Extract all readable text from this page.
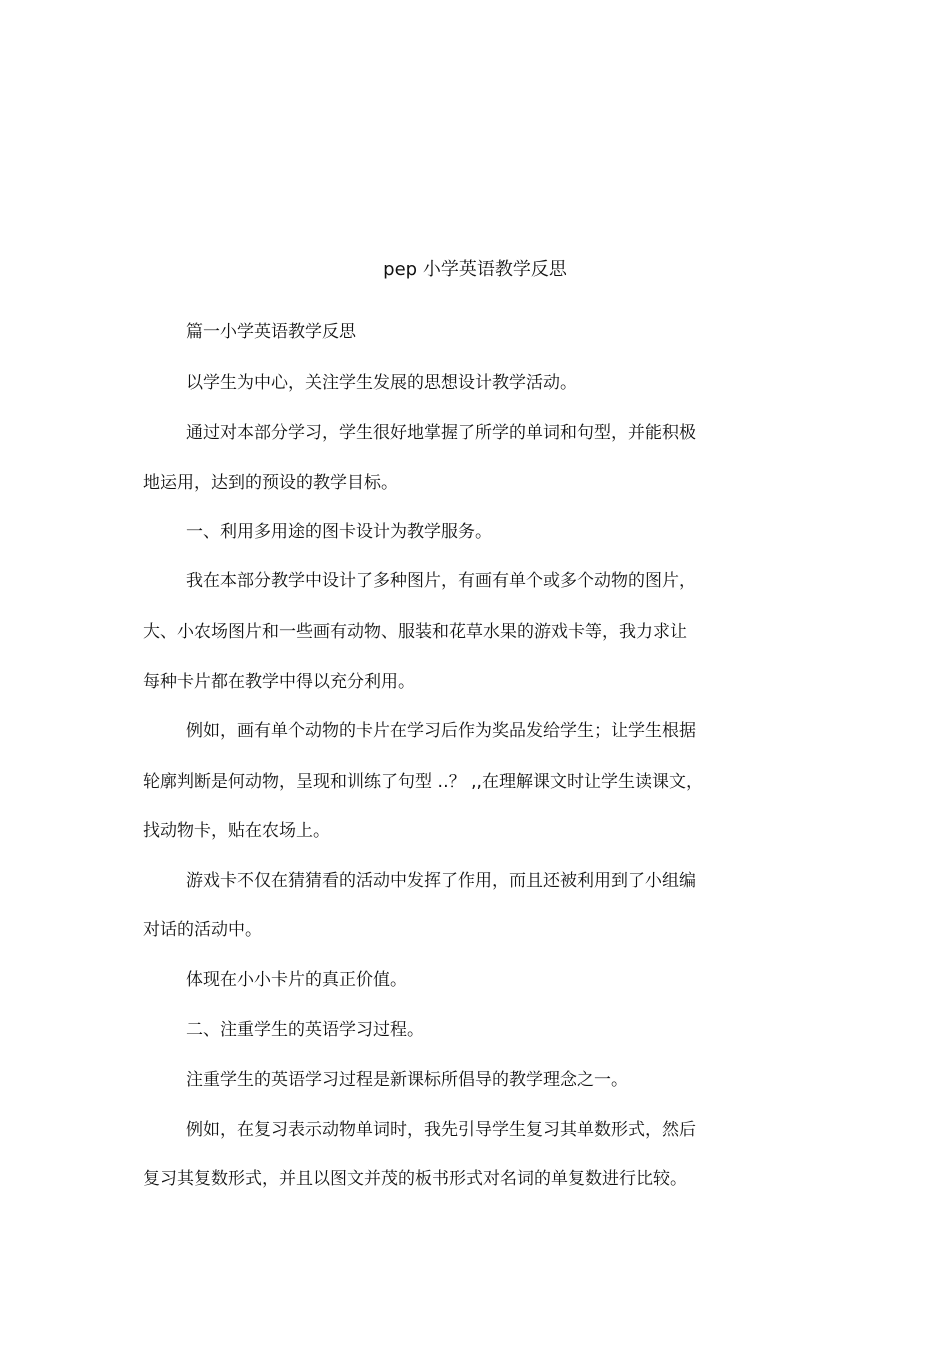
pep 小学英语教学反思
篇一小学英语教学反思
以学生为中心，关注学生发展的思想设计教学活动。
通过对本部分学习，学生很好地掌握了所学的单词和句型，并能积极
地运用，达到的预设的教学目标。
一、利用多用途的图卡设计为教学服务。
我在本部分教学中设计了多种图片，有画有单个或多个动物的图片，
大、小农场图片和一些画有动物、服装和花草水果的游戏卡等，我力求让
每种卡片都在教学中得以充分利用。
例如，画有单个动物的卡片在学习后作为奖品发给学生；让学生根据
轮廓判断是何动物，呈现和训练了句型 ‥？ ,,在理解课文时让学生读课文，
找动物卡，贴在农场上。
游戏卡不仅在猜猜看的活动中发挥了作用，而且还被利用到了小组编
对话的活动中。
体现在小小卡片的真正价值。
二、注重学生的英语学习过程。
注重学生的英语学习过程是新课标所倡导的教学理念之一。
例如，在复习表示动物单词时，我先引导学生复习其单数形式，然后
复习其复数形式，并且以图文并茂的板书形式对名词的单复数进行比较。
